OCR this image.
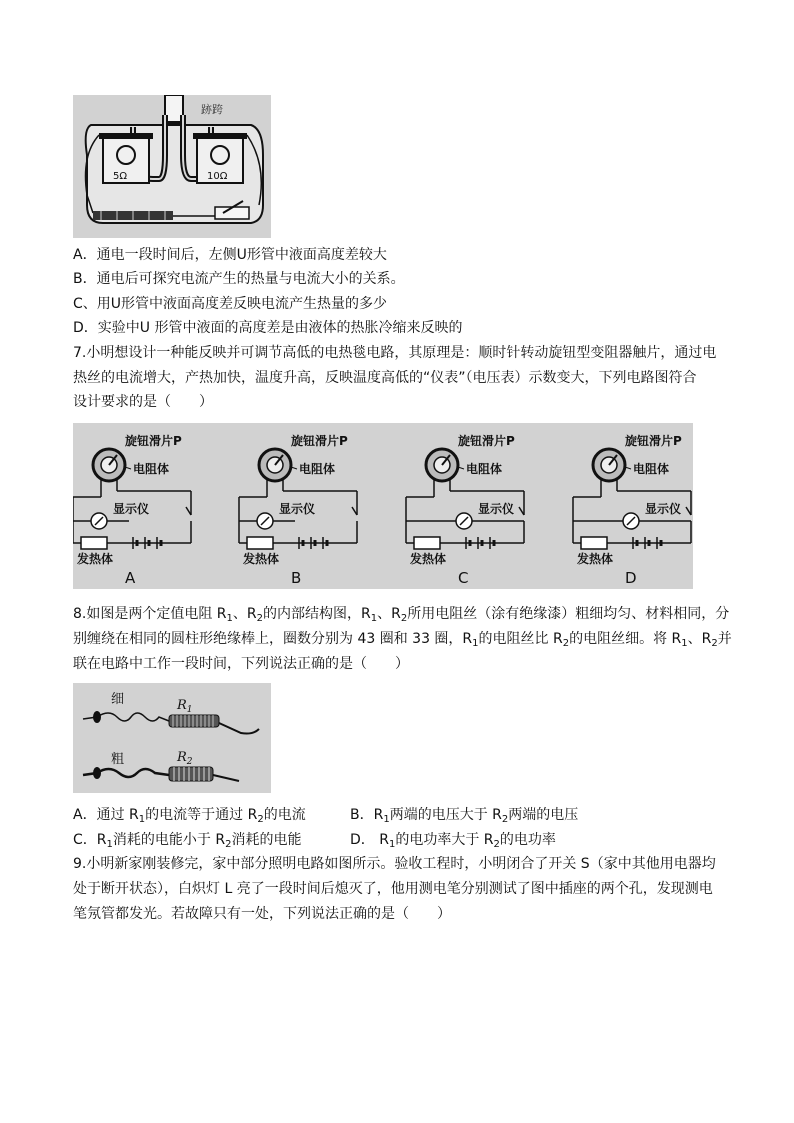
跡跨
5Ω	10Ω
A．通电一段时间后，左侧U形管中液面高度差较大
B．通电后可探究电流产生的热量与电流大小的关系。
C、用U形管中液面高度差反映电流产生热量的多少
D．实验中U 形管中液面的高度差是由液体的热胀冷缩来反映的
7.小明想设计一种能反映并可调节高低的电热毯电路，其原理是：顺时针转动旋钮型变阻器触片，通过电
热丝的电流增大，产热加快，温度升高，反映温度高低的“仪表”（电压表）示数变大，下列电路图符合
设计要求的是（　　）
旋钮滑片P
电阻体
发热体
显示仪
A
旋钮滑片P
电阻体
发热体
显示仪
B
旋钮滑片P
电阻体
发热体
显示仪
C
旋钮滑片P
电阻体
发热体
显示仪
D
8.如图是两个定值电阻 $R_1$、$R_2$的内部结构图，$R_1$、$R_2$所用电阻丝（涂有绝缘漆）粗细均匀、材料相同，分
别缠绕在相同的圆柱形绝缘棒上，圈数分别为 43 圈和 33 圈，$R_1$的电阻丝比 $R_2$的电阻丝细。将 $R_1$、$R_2$并
联在电路中工作一段时间，下列说法正确的是（　　）
细	$R_1$
粗	$R_2$
A．通过 $R_1$的电流等于通过 $R_2$的电流	B．$R_1$两端的电压大于 $R_2$两端的电压
C．$R_1$消耗的电能小于 $R_2$消耗的电能	D． $R_1$的电功率大于 $R_2$的电功率
9.小明新家刚装修完，家中部分照明电路如图所示。验收工程时，小明闭合了开关 S（家中其他用电器均
处于断开状态），白炽灯 L 亮了一段时间后熄灭了，他用测电笔分别测试了图中插座的两个孔，发现测电
笔氖管都发光。若故障只有一处，下列说法正确的是（　　）
